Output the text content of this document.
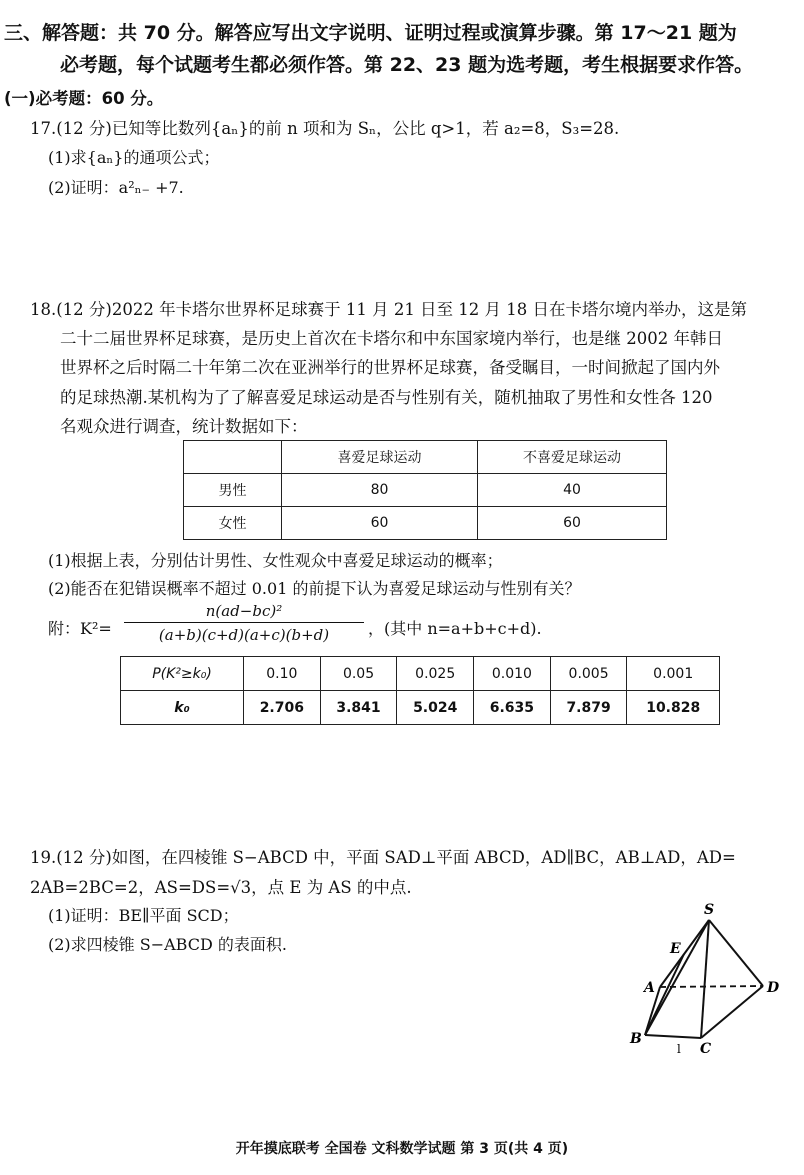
三、解答题：共 70 分。解答应写出文字说明、证明过程或演算步骤。第 17～21 题为
必考题，每个试题考生都必须作答。第 22、23 题为选考题，考生根据要求作答。
(一)必考题：60 分。
17.(12 分)已知等比数列{aₙ}的前 n 项和为 Sₙ，公比 q>1，若 a₂=8，S₃=28.
(1)求{aₙ}的通项公式；
(2)证明：a²ₙ₋ +7.
18.(12 分)2022 年卡塔尔世界杯足球赛于 11 月 21 日至 12 月 18 日在卡塔尔境内举办，这是第
二十二届世界杯足球赛，是历史上首次在卡塔尔和中东国家境内举行，也是继 2002 年韩日
世界杯之后时隔二十年第二次在亚洲举行的世界杯足球赛，备受瞩目，一时间掀起了国内外
的足球热潮.某机构为了了解喜爱足球运动是否与性别有关，随机抽取了男性和女性各 120
名观众进行调查，统计数据如下：
	喜爱足球运动	不喜爱足球运动
男性	80	40
女性	60	60
(1)根据上表，分别估计男性、女性观众中喜爱足球运动的概率；
(2)能否在犯错误概率不超过 0.01 的前提下认为喜爱足球运动与性别有关？
附：K²=
n(ad−bc)²
(a+b)(c+d)(a+c)(b+d)	，(其中 n=a+b+c+d).
P(K²≥k₀)	0.10	0.05	0.025	0.010	0.005	0.001
k₀	2.706	3.841	5.024	6.635	7.879	10.828
19.(12 分)如图，在四棱锥 S−ABCD 中，平面 SAD⊥平面 ABCD，AD∥BC，AB⊥AD，AD=
2AB=2BC=2，AS=DS=√3，点 E 为 AS 的中点.
(1)证明：BE∥平面 SCD；
(2)求四棱锥 S−ABCD 的表面积.
S
E
A	D
B
C
l
开年摸底联考 全国卷 文科数学试题 第 3 页(共 4 页)
